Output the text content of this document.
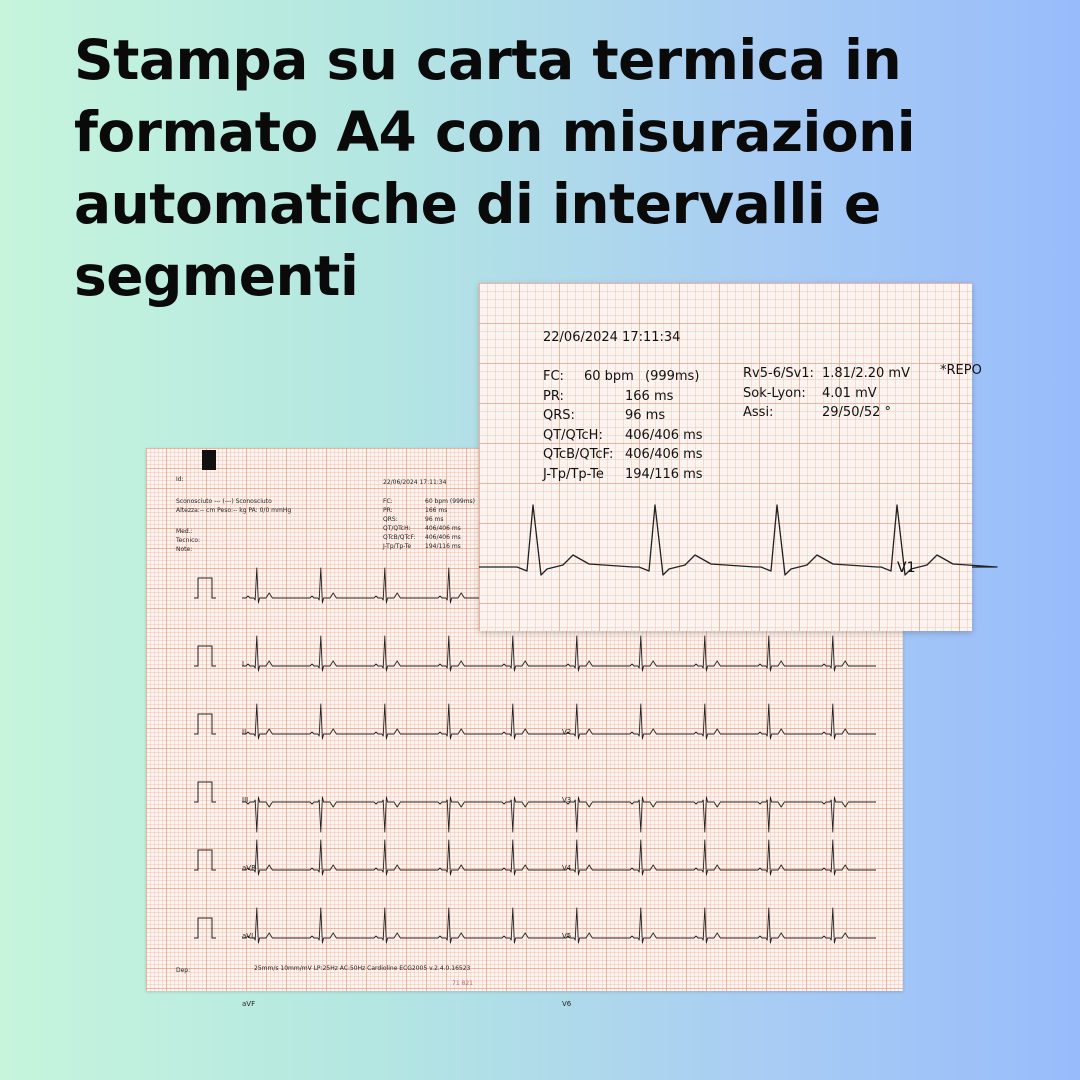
Stampa su carta termica in
formato A4 con misurazioni
automatiche di intervalli e
segmenti
Id:
Sconosciuto --- (---) Sconosciuto
Altezza:-- cm Peso:-- kg PA: 0/0 mmHg
Med.:
Tecnico:
Note:
22/06/2024 17:11:34
FC:	60 bpm (999ms)
PR:	166 ms
QRS:	96 ms
QT/QTcH: 406/406 ms
QTcB/QTcF: 406/406 ms
J-Tp/Tp-Te 194/116 ms
I
II
III
aVR
aVL
aVF
V2
V3
V4
V5
V6
Dep:	25mm/s 10mm/mV LP:25Hz AC:50Hz Cardioline ECG2005 v.2.4.0.16523
71 821
22/06/2024 17:11:34
FC: 60 bpm (999ms)
PR:	166 ms
QRS:	96 ms
QT/QTcH: 406/406 ms
QTcB/QTcF: 406/406 ms
J-Tp/Tp-Te 194/116 ms
Rv5-6/Sv1: 1.81/2.20 mV
Sok-Lyon: 4.01 mV
Assi:	29/50/52 °
*REPO
V1
